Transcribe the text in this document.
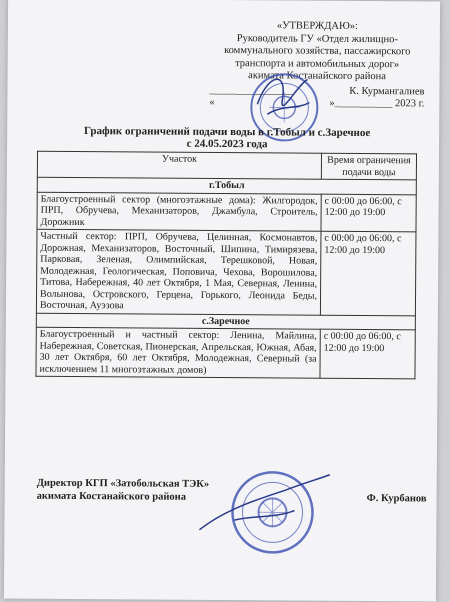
«УТВЕРЖДАЮ»:
Руководитель ГУ «Отдел жилищно-
коммунального хозяйства, пассажирского
транспорта и автомобильных дорог»
акимата Костанайского района
________________	К. Курмангалиев
«	»___________ 2023 г.
График ограничений подачи воды в г.Тобыл и с.Заречное
с 24.05.2023 года
Участок	Время ограничения подачи воды
г.Тобыл	
Благоустроенный сектор (многоэтажные дома): Жилгородок, ПРП, Обручева, Механизаторов, Джамбула, Строитель, Дорожник	с 00:00 до 06:00, с 12:00 до 19:00
Частный сектор: ПРП, Обручева, Целинная, Космонавтов, Дорожная, Механизаторов, Восточный, Шипина, Тимирязева, Парковая, Зеленая, Олимпийская, Терешковой, Новая, Молодежная, Геологическая, Поповича, Чехова, Ворошилова, Титова, Набережная, 40 лет Октября, 1 Мая, Северная, Ленина, Волынова, Островского, Герцена, Горького, Леонида Беды, Восточная, Ауэзова	с 00:00 до 06:00, с 12:00 до 19:00
с.Заречное	
Благоустроенный и частный сектор: Ленина, Майлина, Набережная, Советская, Пионерская, Апрельская, Южная, Абая, 30 лет Октября, 60 лет Октября, Молодежная, Северный (за исключением 11 многоэтажных домов)	с 00:00 до 06:00, с 12:00 до 19:00
Директор КГП «Затобольская ТЭК»
акимата Костанайского района	Ф. Курбанов
